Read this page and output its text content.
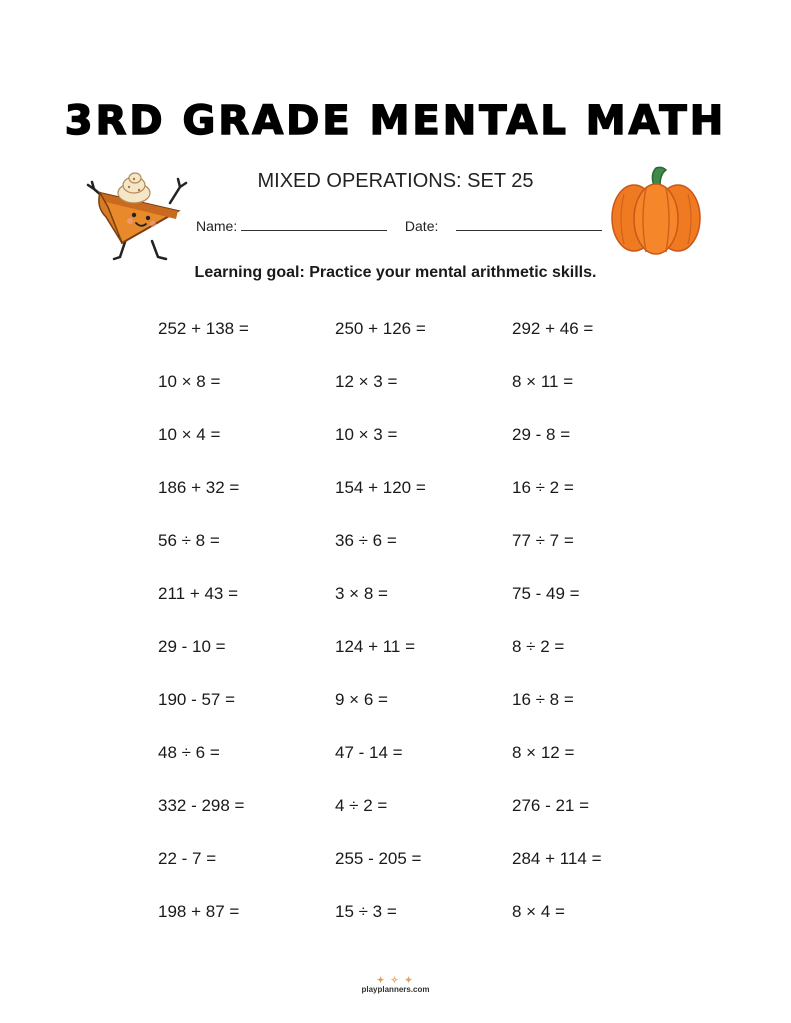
3RD GRADE MENTAL MATH
MIXED OPERATIONS: SET 25
Name:	Date:
Learning goal: Practice your mental arithmetic skills.
252 + 138 =	250 + 126 =	292 + 46 =
10 × 8 =	12 × 3 =	8 × 11 =
10 × 4 =	10 × 3 =	29 - 8 =
186 + 32 =	154 + 120 =	16 ÷ 2 =
56 ÷ 8 =	36 ÷ 6 =	77 ÷ 7 =
211 + 43 =	3 × 8 =	75 - 49 =
29 - 10 =	124 + 11 =	8 ÷ 2 =
190 - 57 =	9 × 6 =	16 ÷ 8 =
48 ÷ 6 =	47 - 14 =	8 × 12 =
332 - 298 =	4 ÷ 2 =	276 - 21 =
22 - 7 =	255 - 205 =	284 + 114 =
198 + 87 =	15 ÷ 3 =	8 × 4 =
✦ ✧ ✦
playplanners.com
